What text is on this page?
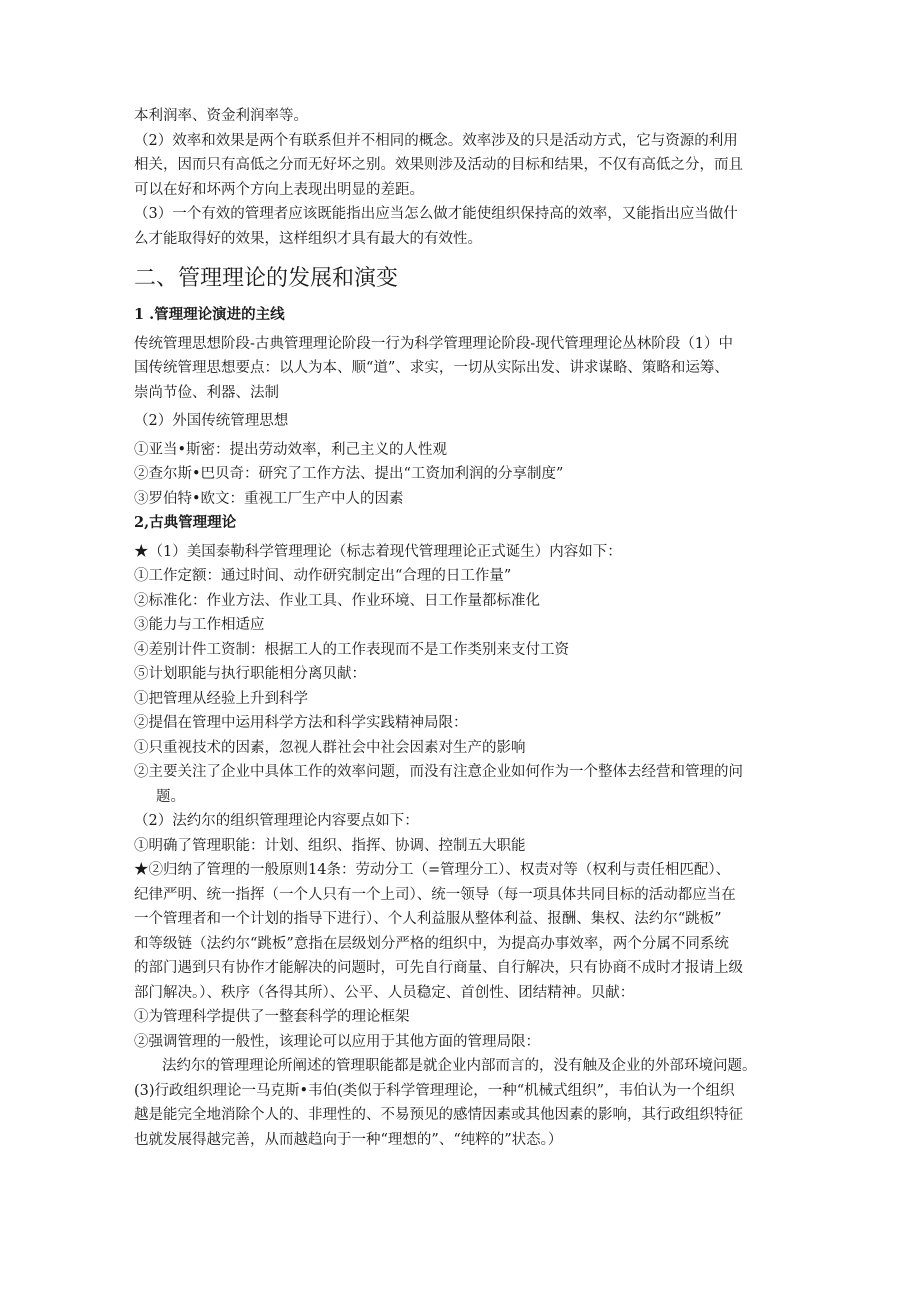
本利润率、资金利润率等。
（2）效率和效果是两个有联系但并不相同的概念。效率涉及的只是活动方式，它与资源的利用
相关，因而只有高低之分而无好坏之别。效果则涉及活动的目标和结果，不仅有高低之分，而且
可以在好和坏两个方向上表现出明显的差距。
（3）一个有效的管理者应该既能指出应当怎么做才能使组织保持高的效率，又能指出应当做什
么才能取得好的效果，这样组织才具有最大的有效性。
二、管理理论的发展和演变
1 .管理理论演进的主线
传统管理思想阶段-古典管理理论阶段一行为科学管理理论阶段-现代管理理论丛林阶段（1）中
国传统管理思想要点：以人为本、顺“道”、求实，一切从实际出发、讲求谋略、策略和运筹、
崇尚节俭、利器、法制
（2）外国传统管理思想
①亚当•斯密：提出劳动效率，利己主义的人性观
②查尔斯•巴贝奇：研究了工作方法、提出“工资加利润的分享制度”
③罗伯特•欧文：重视工厂生产中人的因素
2,古典管理理论
★（1）美国泰勒科学管理理论（标志着现代管理理论正式诞生）内容如下：
①工作定额：通过时间、动作研究制定出“合理的日工作量”
②标准化：作业方法、作业工具、作业环境、日工作量都标准化
③能力与工作相适应
④差别计件工资制：根据工人的工作表现而不是工作类别来支付工资
⑤计划职能与执行职能相分离贝献：
①把管理从经验上升到科学
②提倡在管理中运用科学方法和科学实践精神局限：
①只重视技术的因素，忽视人群社会中社会因素对生产的影响
②主要关注了企业中具体工作的效率问题，而没有注意企业如何作为一个整体去经营和管理的问
题。
（2）法约尔的组织管理理论内容要点如下：
①明确了管理职能：计划、组织、指挥、协调、控制五大职能
★②归纳了管理的一般原则14条：劳动分工（=管理分工）、权责对等（权利与责任相匹配）、
纪律严明、统一指挥（一个人只有一个上司）、统一领导（每一项具体共同目标的活动都应当在
一个管理者和一个计划的指导下进行）、个人利益服从整体利益、报酬、集权、法约尔“跳板”
和等级链（法约尔“跳板”意指在层级划分严格的组织中，为提高办事效率，两个分属不同系统
的部门遇到只有协作才能解决的问题时，可先自行商量、自行解决，只有协商不成时才报请上级
部门解决。）、秩序（各得其所）、公平、人员稳定、首创性、团结精神。贝献：
①为管理科学提供了一整套科学的理论框架
②强调管理的一般性，该理论可以应用于其他方面的管理局限：
法约尔的管理理论所阐述的管理职能都是就企业内部而言的，没有触及企业的外部环境问题。
(3)行政组织理论一马克斯•韦伯(类似于科学管理理论，一种“机械式组织”，韦伯认为一个组织
越是能完全地消除个人的、非理性的、不易预见的感情因素或其他因素的影响，其行政组织特征
也就发展得越完善，从而越趋向于一种“理想的”、“纯粹的”状态。）
